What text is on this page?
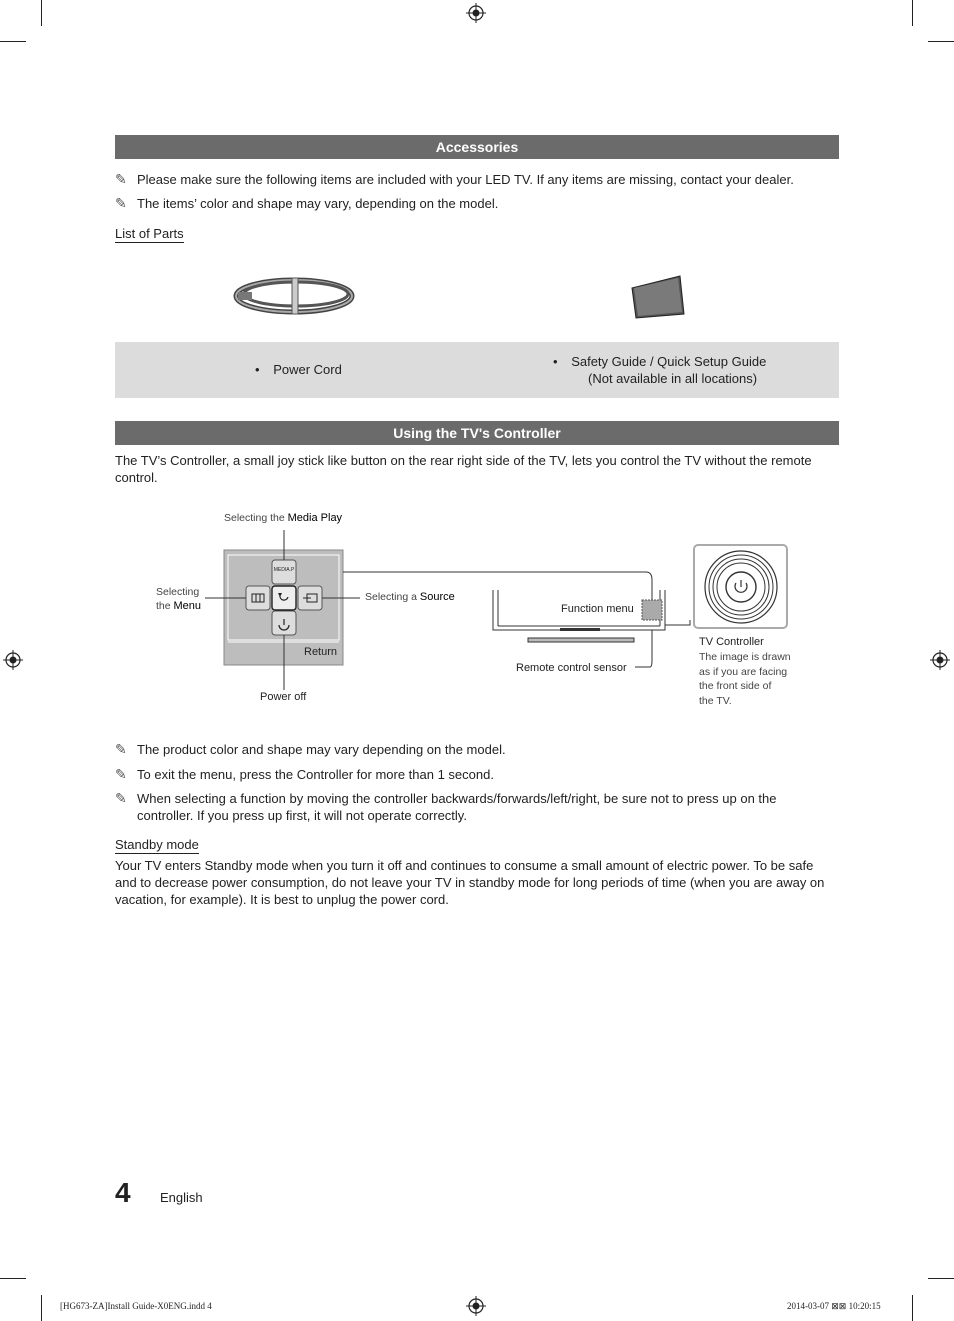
Accessories
✎ Please make sure the following items are included with your LED TV. If any items are missing, contact your dealer.
✎ The items’ color and shape may vary, depending on the model.
List of Parts
• Power Cord
• Safety Guide / Quick Setup Guide
(Not available in all locations)
Using the TV's Controller
The TV’s Controller, a small joy stick like button on the rear right side of the TV, lets you control the TV without the remote control.
Selecting the Media Play
MEDIA.P
Selecting
the Menu
Selecting a Source
Return
Power off
Function menu
Remote control sensor
TV Controller
The image is drawn
as if you are facing
the front side of
the TV.
✎ The product color and shape may vary depending on the model.
✎ To exit the menu, press the Controller for more than 1 second.
✎ When selecting a function by moving the controller backwards/forwards/left/right, be sure not to press up on the controller. If you press up first, it will not operate correctly.
Standby mode
Your TV enters Standby mode when you turn it off and continues to consume a small amount of electric power. To be safe and to decrease power consumption, do not leave your TV in standby mode for long periods of time (when you are away on vacation, for example). It is best to unplug the power cord.
4 English
[HG673-ZA]Install Guide-X0ENG.indd 4	2014-03-07 ⊠⊠ 10:20:15
